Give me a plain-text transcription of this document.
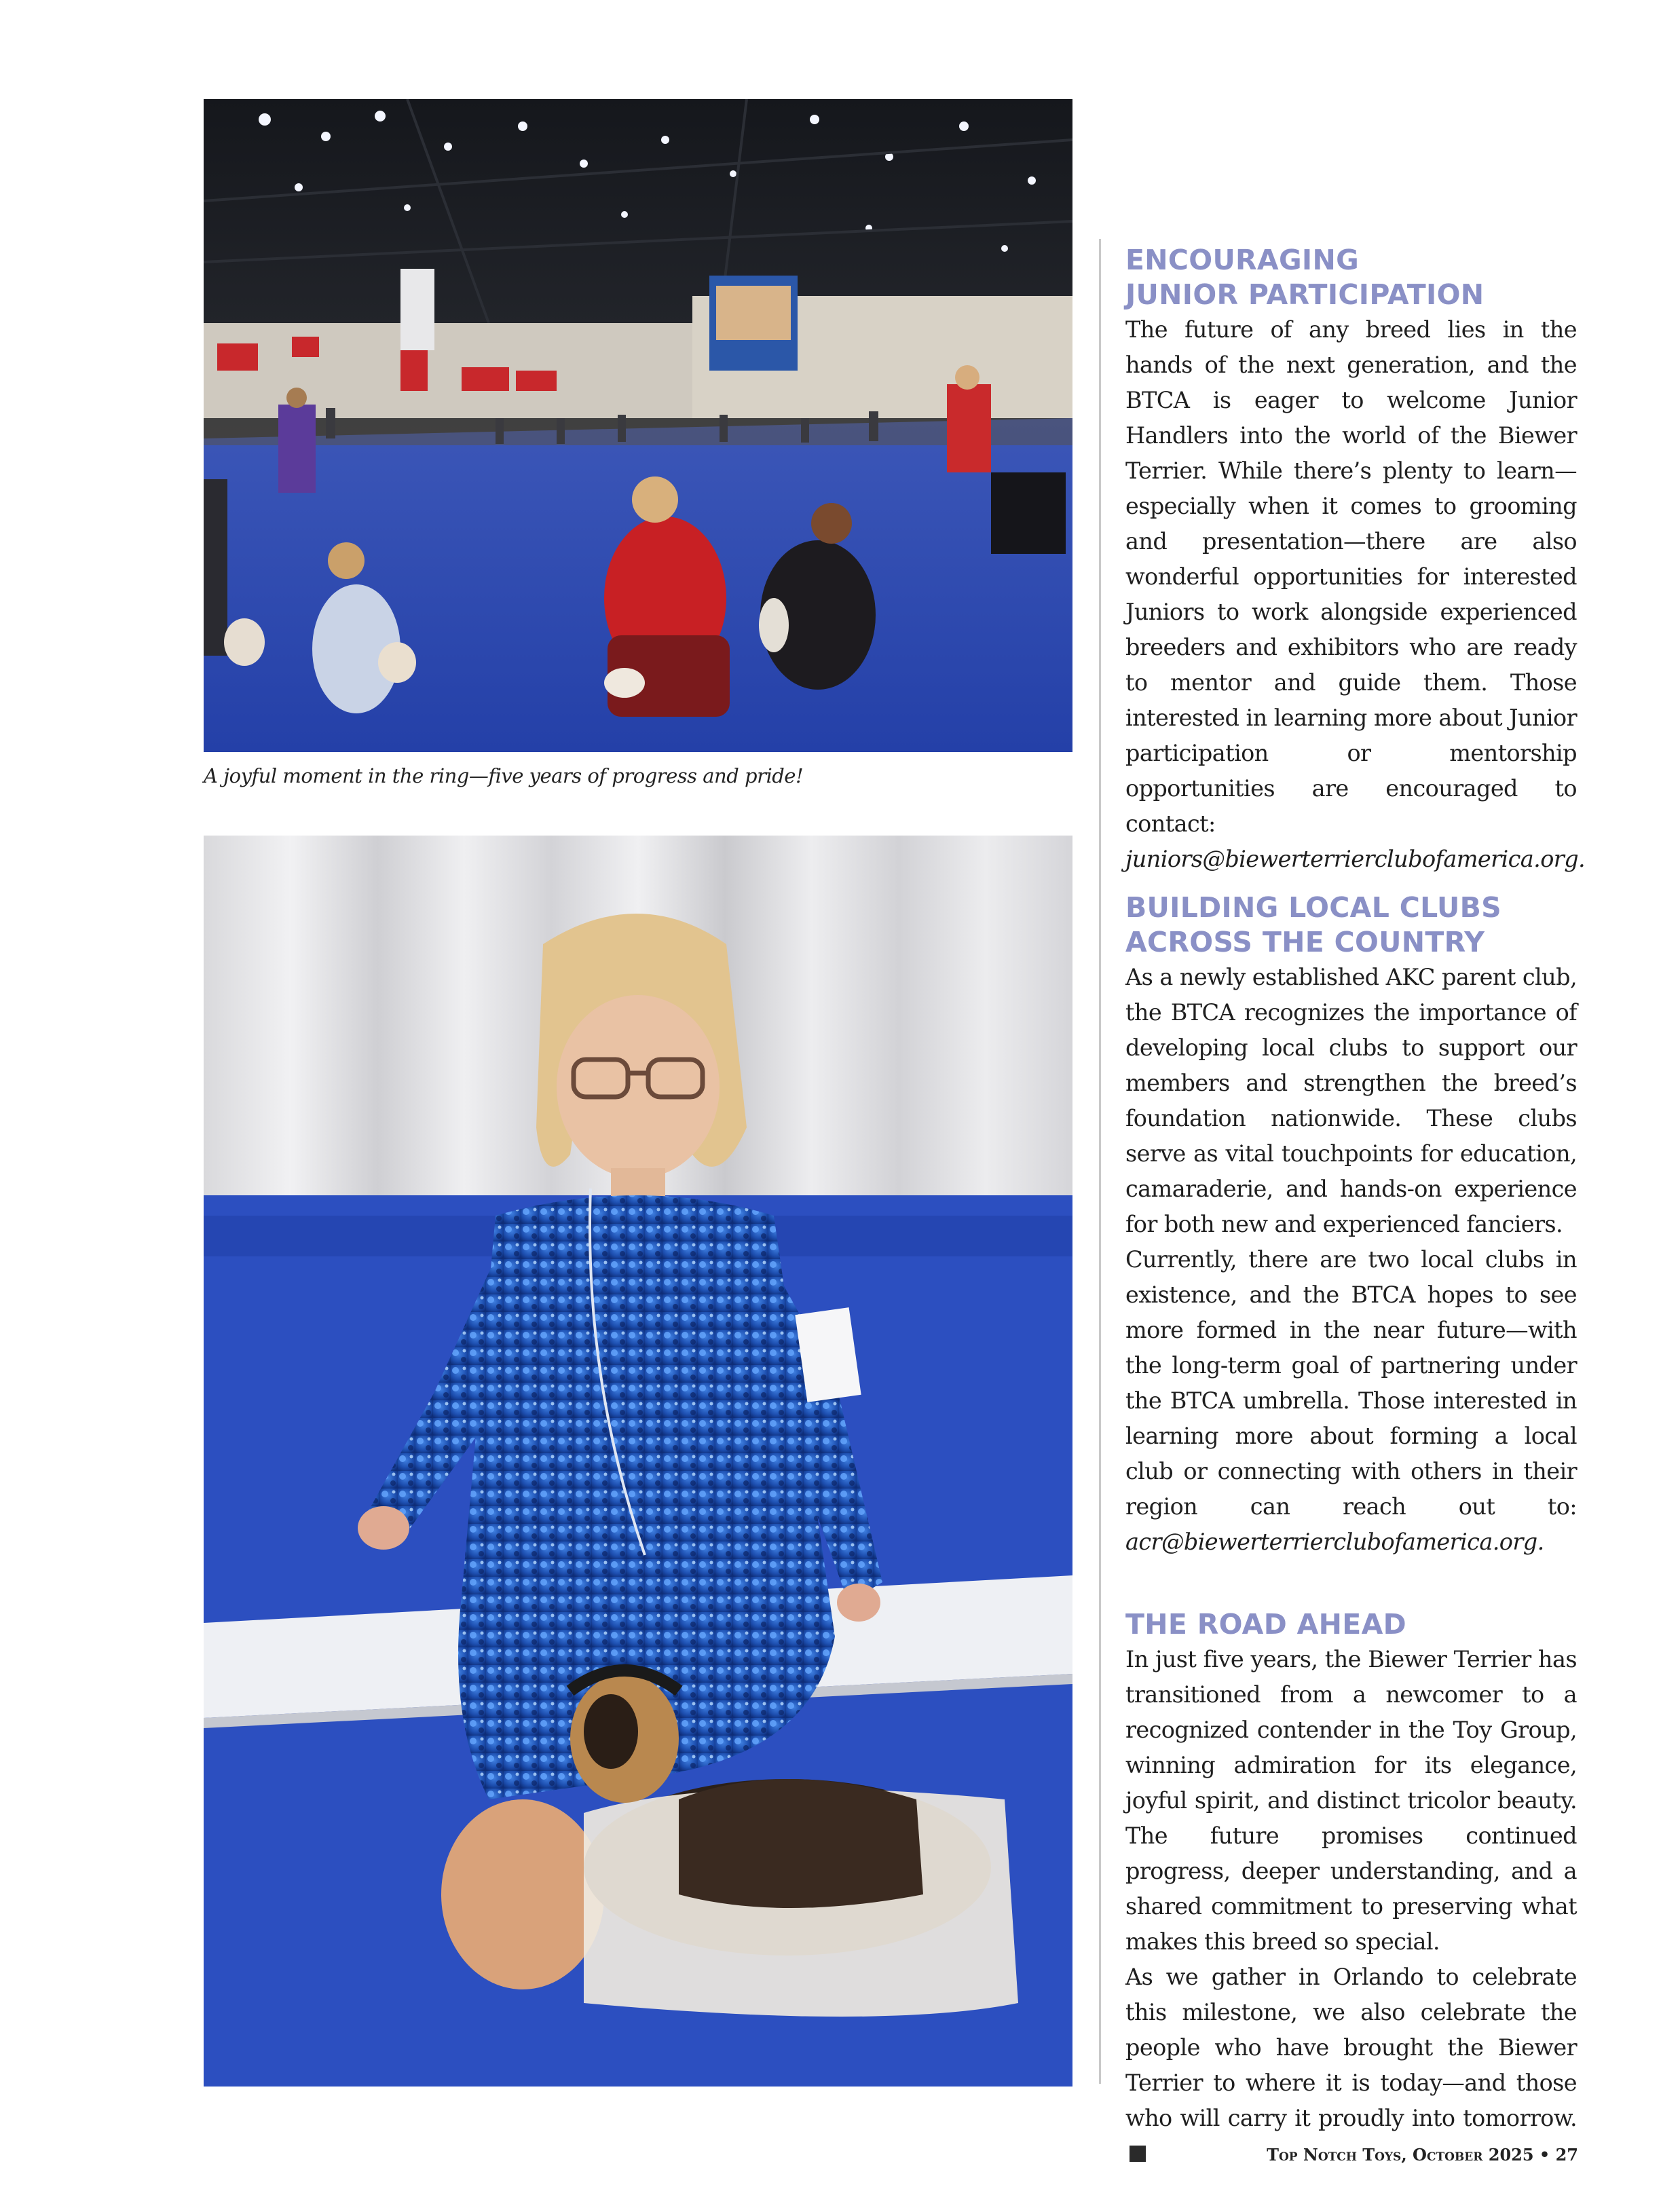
A joyful moment in the ring—five years of progress and pride!
ENCOURAGING
JUNIOR PARTICIPATION

The future of any breed lies in the hands of the next generation, and the BTCA is eager to welcome Junior Handlers into the world of the Biewer Terrier. While there’s plenty to learn—especially when it comes to grooming and presentation—there are also wonderful opportunities for interested Juniors to work alongside experienced breeders and exhibitors who are ready to mentor and guide them. Those interested in learning more about Junior participation or mentorship opportunities are encouraged to contact: juniors@biewerterrierclubofamerica.org.

BUILDING LOCAL CLUBS
ACROSS THE COUNTRY

As a newly established AKC parent club, the BTCA recognizes the importance of developing local clubs to support our members and strengthen the breed’s foundation nationwide. These clubs serve as vital touchpoints for education, camaraderie, and hands-on experience for both new and experienced fanciers.

Currently, there are two local clubs in existence, and the BTCA hopes to see more formed in the near future—with the long-term goal of partnering under the BTCA umbrella. Those interested in learning more about forming a local club or connecting with others in their region can reach out to: acr@biewerterrierclubofamerica.org.

THE ROAD AHEAD

In just five years, the Biewer Terrier has transitioned from a newcomer to a recognized contender in the Toy Group, winning admiration for its elegance, joyful spirit, and distinct tricolor beauty. The future promises continued progress, deeper understanding, and a shared commitment to preserving what makes this breed so special.

As we gather in Orlando to celebrate this milestone, we also celebrate the people who have brought the Biewer Terrier to where it is today—and those who will carry it proudly into tomorrow.

Top Notch Toys, October 2025 • 27
